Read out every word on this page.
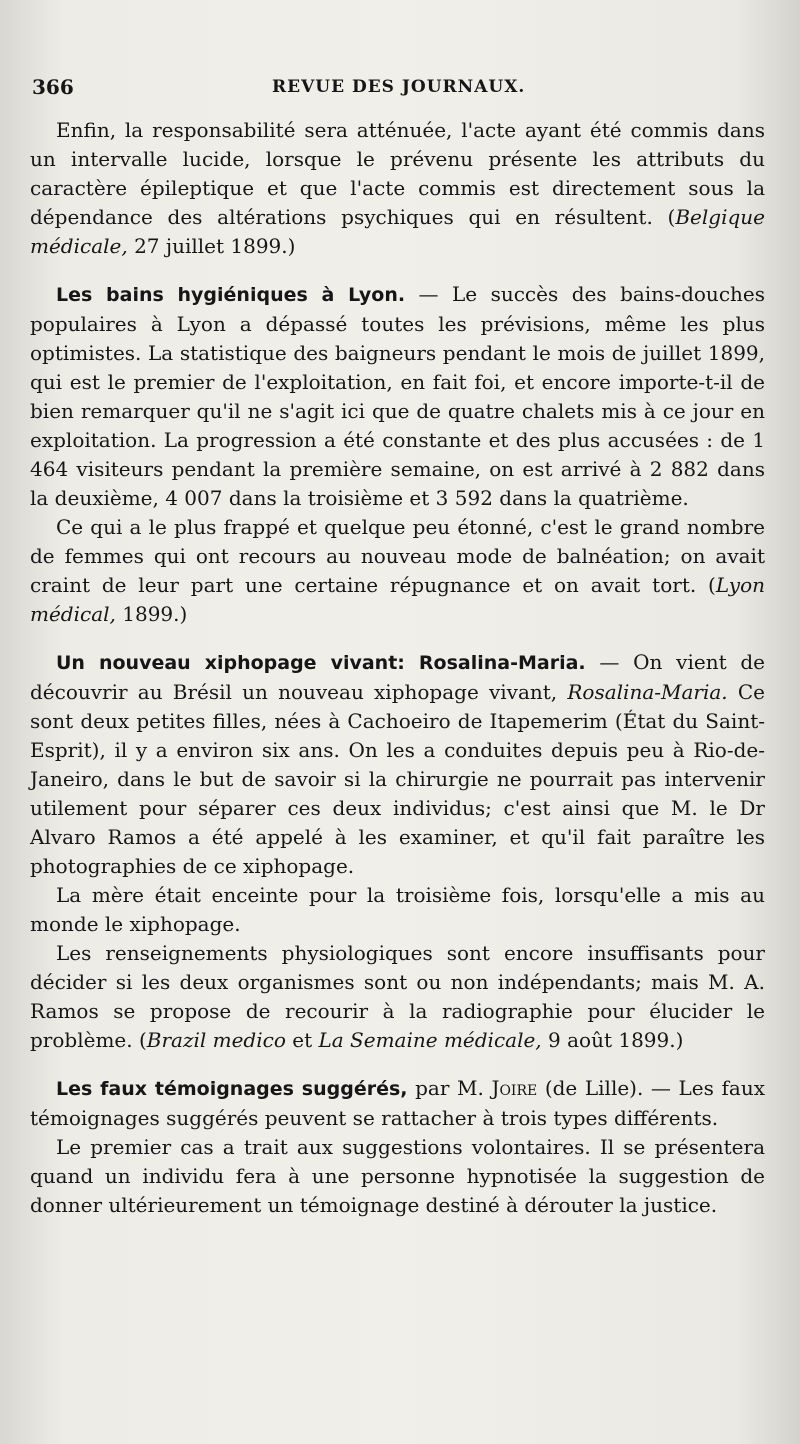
366	REVUE DES JOURNAUX.

Enfin, la responsabilité sera atténuée, l'acte ayant été commis dans un intervalle lucide, lorsque le prévenu présente les attributs du caractère épileptique et que l'acte commis est directement sous la dépendance des altérations psychiques qui en résultent. (Belgique médicale, 27 juillet 1899.)

Les bains hygiéniques à Lyon. — Le succès des bains-douches populaires à Lyon a dépassé toutes les prévisions, même les plus optimistes. La statistique des baigneurs pendant le mois de juillet 1899, qui est le premier de l'exploitation, en fait foi, et encore importe-t-il de bien remarquer qu'il ne s'agit ici que de quatre chalets mis à ce jour en exploitation. La progression a été constante et des plus accusées : de 1 464 visiteurs pendant la première semaine, on est arrivé à 2 882 dans la deuxième, 4 007 dans la troisième et 3 592 dans la quatrième.

Ce qui a le plus frappé et quelque peu étonné, c'est le grand nombre de femmes qui ont recours au nouveau mode de balnéation; on avait craint de leur part une certaine répugnance et on avait tort. (Lyon médical, 1899.)

Un nouveau xiphopage vivant: Rosalina-Maria. — On vient de découvrir au Brésil un nouveau xiphopage vivant, Rosalina-Maria. Ce sont deux petites filles, nées à Cachoeiro de Itapemerim (État du Saint-Esprit), il y a environ six ans. On les a conduites depuis peu à Rio-de-Janeiro, dans le but de savoir si la chirurgie ne pourrait pas intervenir utilement pour séparer ces deux individus; c'est ainsi que M. le Dr Alvaro Ramos a été appelé à les examiner, et qu'il fait paraître les photographies de ce xiphopage.

La mère était enceinte pour la troisième fois, lorsqu'elle a mis au monde le xiphopage.

Les renseignements physiologiques sont encore insuffisants pour décider si les deux organismes sont ou non indépendants; mais M. A. Ramos se propose de recourir à la radiographie pour élucider le problème. (Brazil medico et La Semaine médicale, 9 août 1899.)

Les faux témoignages suggérés, par M. Joire (de Lille). — Les faux témoignages suggérés peuvent se rattacher à trois types différents.

Le premier cas a trait aux suggestions volontaires. Il se présentera quand un individu fera à une personne hypnotisée la suggestion de donner ultérieurement un témoignage destiné à dérouter la justice.
